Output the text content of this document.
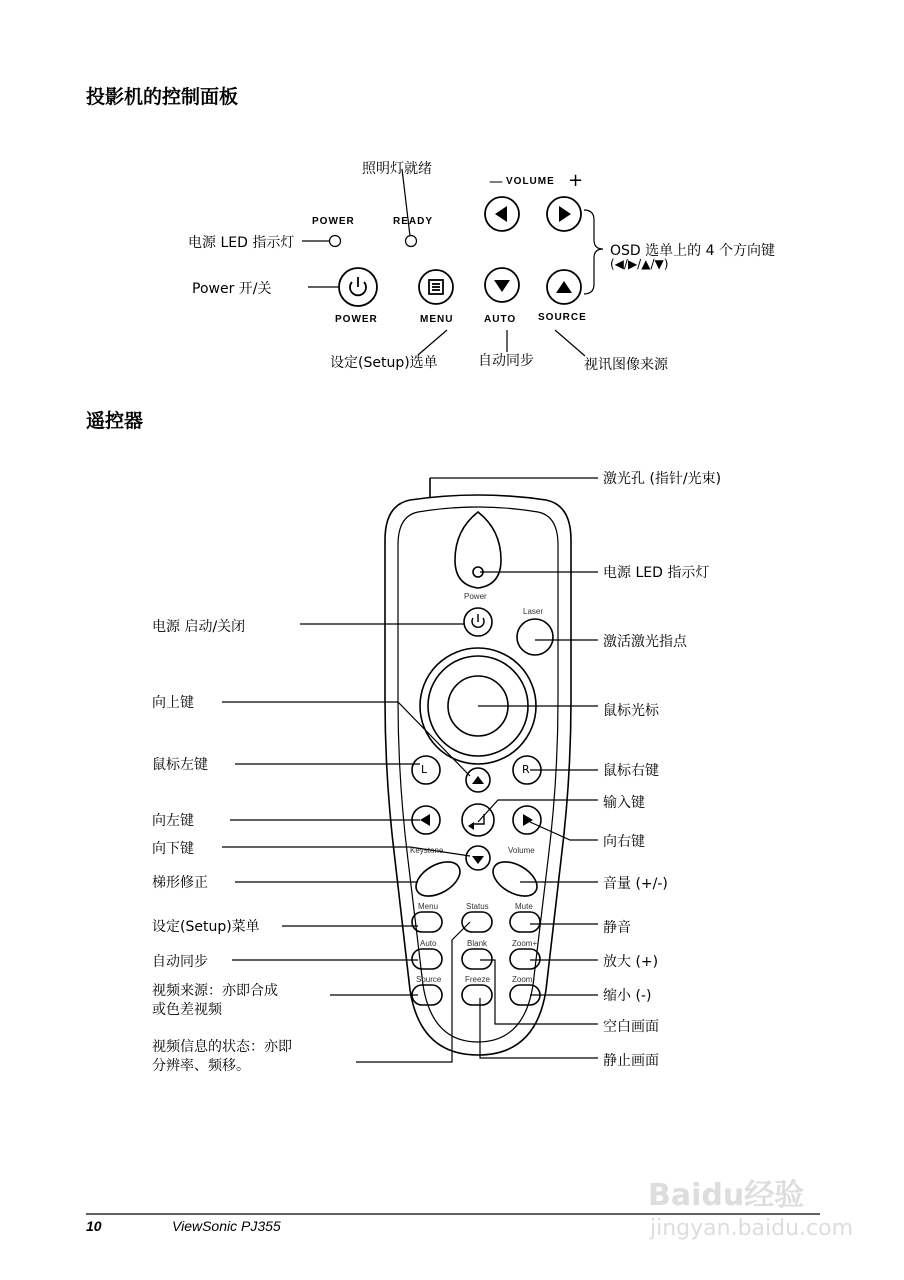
投影机的控制面板
遥控器
照明灯就绪
POWER	READY
— VOLUME +
电源 LED 指示灯
Power 开/关
OSD 选单上的 4 个方向键
(◀/▶/▲/▼)
POWER	MENU	AUTO SOURCE
设定(Setup)选单	自动同步	视讯图像来源
Power
Laser
L	R
Keystone	Volume
Menu	Status	Mute
Auto	Blank	Zoom+
Source	Freeze	Zoom-
电源 启动/关闭
向上键
鼠标左键
向左键
向下键
梯形修正
设定(Setup)菜单
自动同步
视频来源：亦即合成
或色差视频
视频信息的状态：亦即
分辨率、频移。
激光孔 (指针/光束)
电源 LED 指示灯
激活激光指点
鼠标光标
鼠标右键
输入键
向右键
音量 (+/-)
静音
放大 (+)
缩小 (-)
空白画面
静止画面
10	ViewSonic PJ355
Baidu经验
jingyan.baidu.com
